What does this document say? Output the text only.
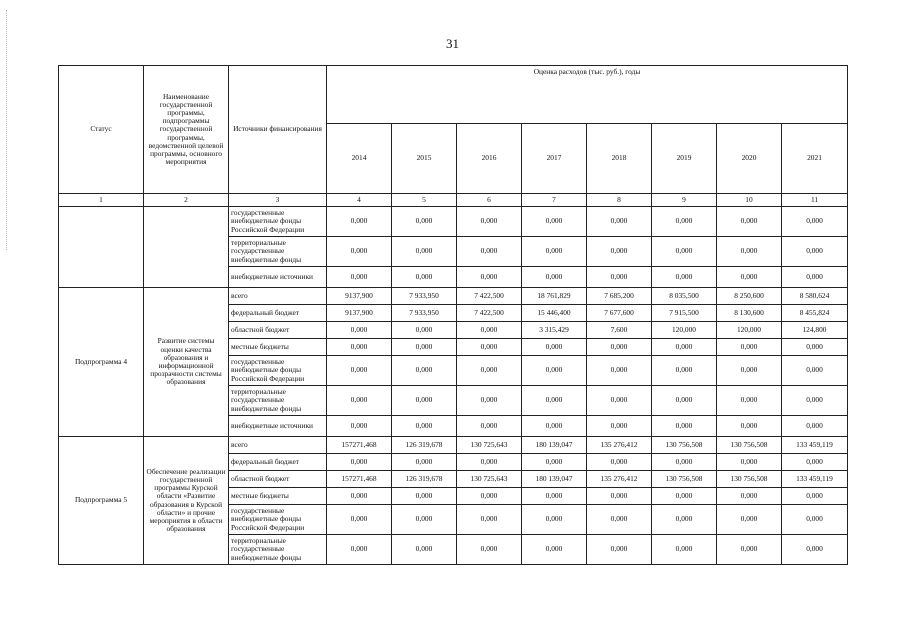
31
Статус	Наименование государственной программы, подпрограммы государственной программы, ведомственной целевой программы, основного мероприятия	Источники финансирования	Оценка расходов (тыс. руб.), годы							
			2014	2015	2016	2017	2018	2019	2020	2021
1	2	3	4	5	6	7	8	9	10	11
		государственные внебюджетные фонды Российской Федерации	0,000	0,000	0,000	0,000	0,000	0,000	0,000	0,000
		территориальные государственные внебюджетные фонды	0,000	0,000	0,000	0,000	0,000	0,000	0,000	0,000
		внебюджетные источники	0,000	0,000	0,000	0,000	0,000	0,000	0,000	0,000
Подпрограмма 4	Развитие системы оценки качества образования и информационной прозрачности системы образования	всего	9137,900	7 933,950	7 422,500	18 761,829	7 685,200	8 035,500	8 250,600	8 580,624
		федеральный бюджет	9137,900	7 933,950	7 422,500	15 446,400	7 677,600	7 915,500	8 130,600	8 455,824
		областной бюджет	0,000	0,000	0,000	3 315,429	7,600	120,000	120,000	124,800
		местные бюджеты	0,000	0,000	0,000	0,000	0,000	0,000	0,000	0,000
		государственные внебюджетные фонды Российской Федерации	0,000	0,000	0,000	0,000	0,000	0,000	0,000	0,000
		территориальные государственные внебюджетные фонды	0,000	0,000	0,000	0,000	0,000	0,000	0,000	0,000
		внебюджетные источники	0,000	0,000	0,000	0,000	0,000	0,000	0,000	0,000
Подпрограмма 5	Обеспечение реализации государственной программы Курской области «Развитие образования в Курской области» и прочие мероприятия в области образования	всего	157271,468	126 319,678	130 725,643	180 139,047	135 276,412	130 756,508	130 756,508	133 459,119
		федеральный бюджет	0,000	0,000	0,000	0,000	0,000	0,000	0,000	0,000
		областной бюджет	157271,468	126 319,678	130 725,643	180 139,047	135 276,412	130 756,508	130 756,508	133 459,119
		местные бюджеты	0,000	0,000	0,000	0,000	0,000	0,000	0,000	0,000
		государственные внебюджетные фонды Российской Федерации	0,000	0,000	0,000	0,000	0,000	0,000	0,000	0,000
		территориальные государственные внебюджетные фонды	0,000	0,000	0,000	0,000	0,000	0,000	0,000	0,000
